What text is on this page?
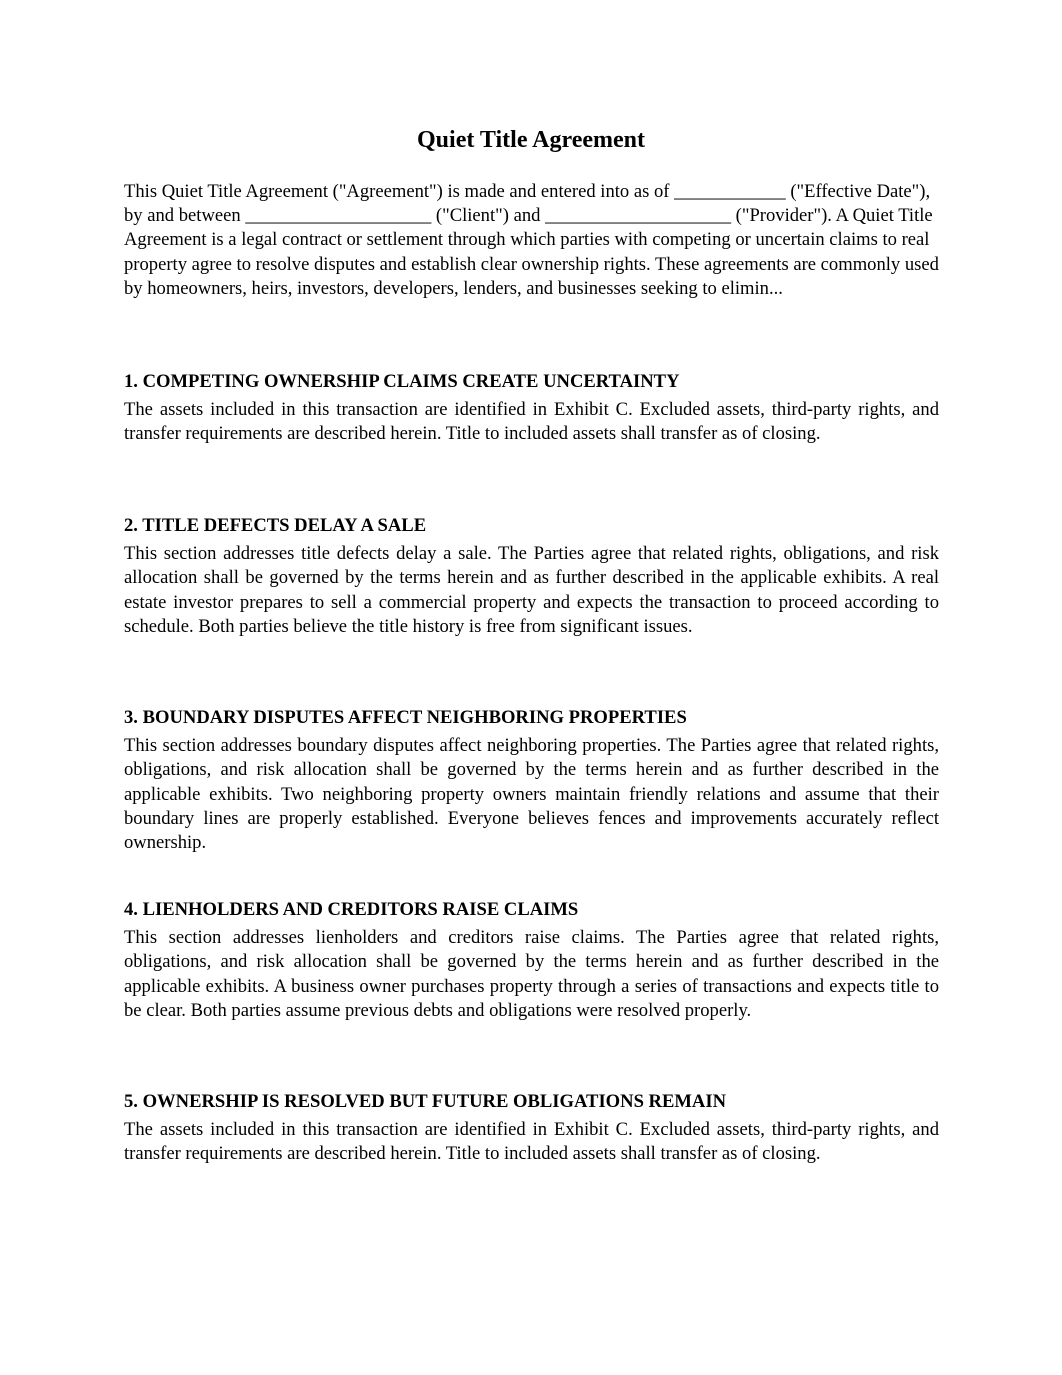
Quiet Title Agreement

This Quiet Title Agreement ("Agreement") is made and entered into as of ____________ ("Effective Date"), by and between ____________________ ("Client") and ____________________ ("Provider"). A Quiet Title Agreement is a legal contract or settlement through which parties with competing or uncertain claims to real property agree to resolve disputes and establish clear ownership rights. These agreements are commonly used by homeowners, heirs, investors, developers, lenders, and businesses seeking to elimin...

1. COMPETING OWNERSHIP CLAIMS CREATE UNCERTAINTY

The assets included in this transaction are identified in Exhibit C. Excluded assets, third-party rights, and transfer requirements are described herein. Title to included assets shall transfer as of closing.

2. TITLE DEFECTS DELAY A SALE

This section addresses title defects delay a sale. The Parties agree that related rights, obligations, and risk allocation shall be governed by the terms herein and as further described in the applicable exhibits. A real estate investor prepares to sell a commercial property and expects the transaction to proceed according to schedule. Both parties believe the title history is free from significant issues.

3. BOUNDARY DISPUTES AFFECT NEIGHBORING PROPERTIES

This section addresses boundary disputes affect neighboring properties. The Parties agree that related rights, obligations, and risk allocation shall be governed by the terms herein and as further described in the applicable exhibits. Two neighboring property owners maintain friendly relations and assume that their boundary lines are properly established. Everyone believes fences and improvements accurately reflect ownership.

4. LIENHOLDERS AND CREDITORS RAISE CLAIMS

This section addresses lienholders and creditors raise claims. The Parties agree that related rights, obligations, and risk allocation shall be governed by the terms herein and as further described in the applicable exhibits. A business owner purchases property through a series of transactions and expects title to be clear. Both parties assume previous debts and obligations were resolved properly.

5. OWNERSHIP IS RESOLVED BUT FUTURE OBLIGATIONS REMAIN

The assets included in this transaction are identified in Exhibit C. Excluded assets, third-party rights, and transfer requirements are described herein. Title to included assets shall transfer as of closing.
